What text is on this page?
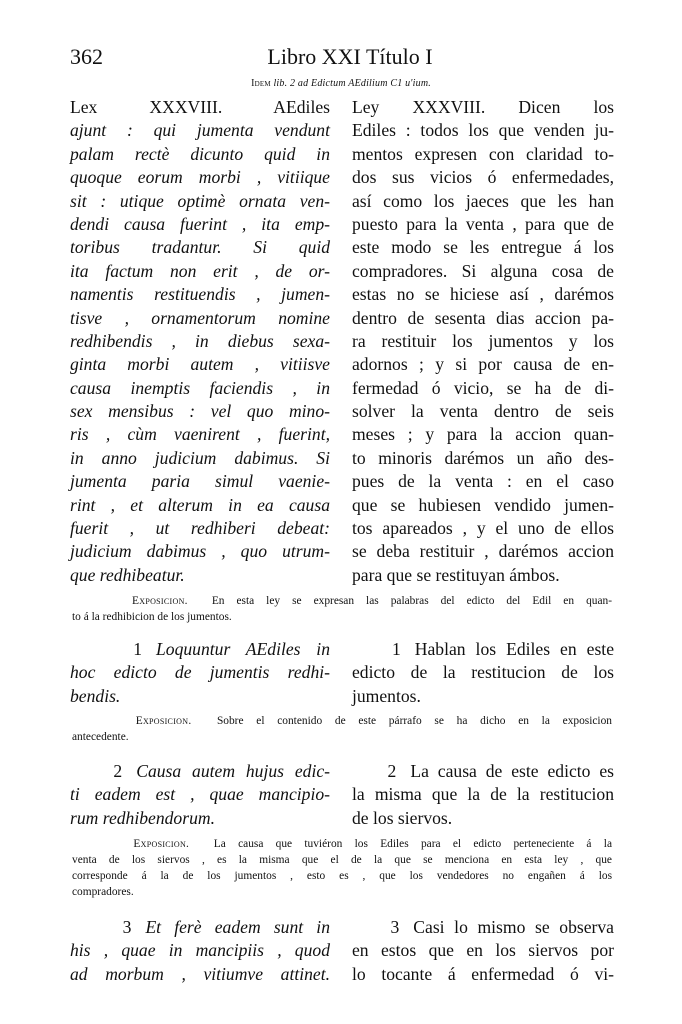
362	Libro XXI Título I
Idem lib. 2 ad Edictum AEdilium C1 u'ium.
Lex XXXVIII. AEdiles
ajunt : qui jumenta vendunt
palam rectè dicunto quid in
quoque eorum morbi , vitiique
sit : utique optimè ornata ven-
dendi causa fuerint , ita emp-
toribus tradantur. Si quid
ita factum non erit , de or-
namentis restituendis , jumen-
tisve , ornamentorum nomine
redhibendis , in diebus sexa-
ginta morbi autem , vitiisve
causa inemptis faciendis , in
sex mensibus : vel quo mino-
ris , cùm vaenirent , fuerint,
in anno judicium dabimus. Si
jumenta paria simul vaenie-
rint , et alterum in ea causa
fuerit , ut redhiberi debeat:
judicium dabimus , quo utrum-
que redhibeatur.
Ley XXXVIII. Dicen los
Ediles : todos los que venden ju-
mentos expresen con claridad to-
dos sus vicios ó enfermedades,
así como los jaeces que les han
puesto para la venta , para que de
este modo se les entregue á los
compradores. Si alguna cosa de
estas no se hiciese así , darémos
dentro de sesenta dias accion pa-
ra restituir los jumentos y los
adornos ; y si por causa de en-
fermedad ó vicio, se ha de di-
solver la venta dentro de seis
meses ; y para la accion quan-
to minoris darémos un año des-
pues de la venta : en el caso
que se hubiesen vendido jumen-
tos apareados , y el uno de ellos
se deba restituir , darémos accion
para que se restituyan ámbos.
Exposicion. En esta ley se expresan las palabras del edicto del Edil en quan-
to á la redhibicion de los jumentos.
1 Loquuntur AEdiles in
hoc edicto de jumentis redhi-
bendis.
1 Hablan los Ediles en este
edicto de la restitucion de los
jumentos.
Exposicion. Sobre el contenido de este párrafo se ha dicho en la exposicion
antecedente.
2 Causa autem hujus edic-
ti eadem est , quae mancipio-
rum redhibendorum.
2 La causa de este edicto es
la misma que la de la restitucion
de los siervos.
Exposicion. La causa que tuviéron los Ediles para el edicto perteneciente á la
venta de los siervos , es la misma que el de la que se menciona en esta ley , que
corresponde á la de los jumentos , esto es , que los vendedores no engañen á los
compradores.
3 Et ferè eadem sunt in
his , quae in mancipiis , quod
ad morbum , vitiumve attinet.
3 Casi lo mismo se observa
en estos que en los siervos por
lo tocante á enfermedad ó vi-
